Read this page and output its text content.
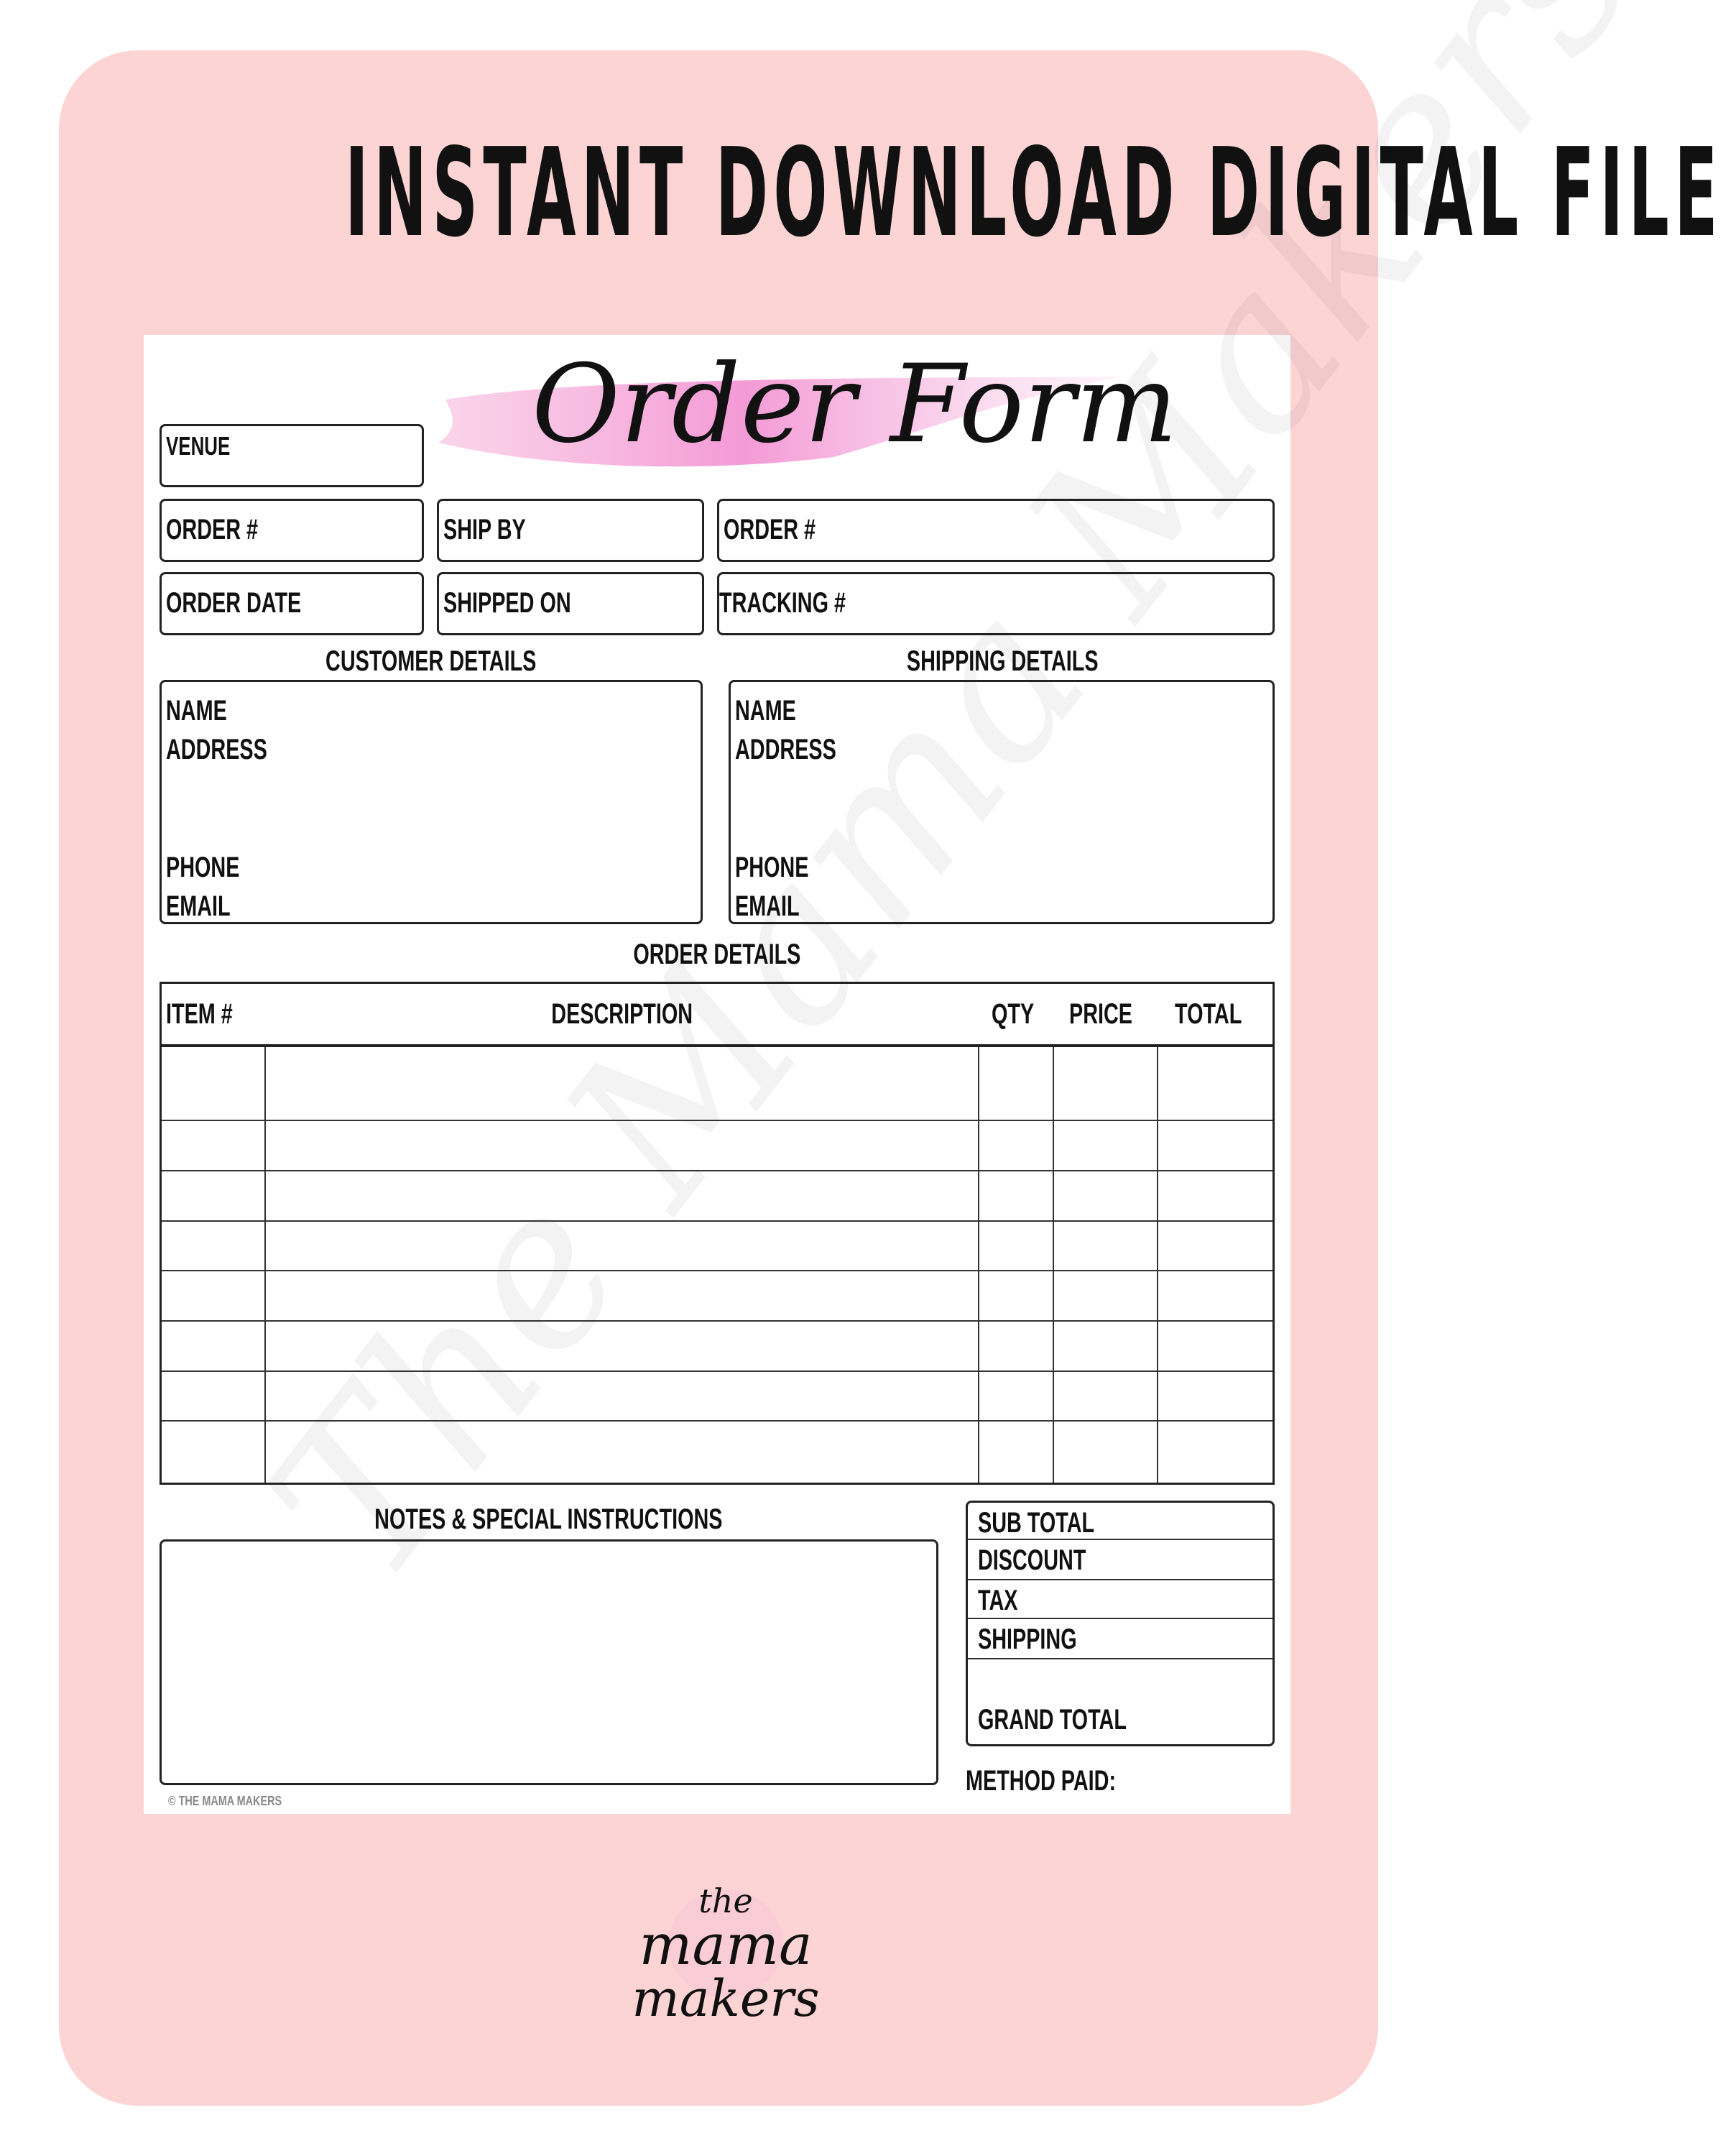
INSTANT DOWNLOAD DIGITAL FILE
Order Form
VENUE
ORDER #	SHIP BY	ORDER #
ORDER DATE	SHIPPED ON	TRACKING #
CUSTOMER DETAILS	SHIPPING DETAILS
NAME
ADDRESS
PHONE
EMAIL
NAME
ADDRESS
PHONE
EMAIL
ORDER DETAILS
ITEM #	DESCRIPTION	QTY	PRICE	TOTAL

NOTES & SPECIAL INSTRUCTIONS	SUB TOTAL
DISCOUNT
TAX
SHIPPING
GRAND TOTAL
METHOD PAID:
© THE MAMA MAKERS
the
mama
makers
